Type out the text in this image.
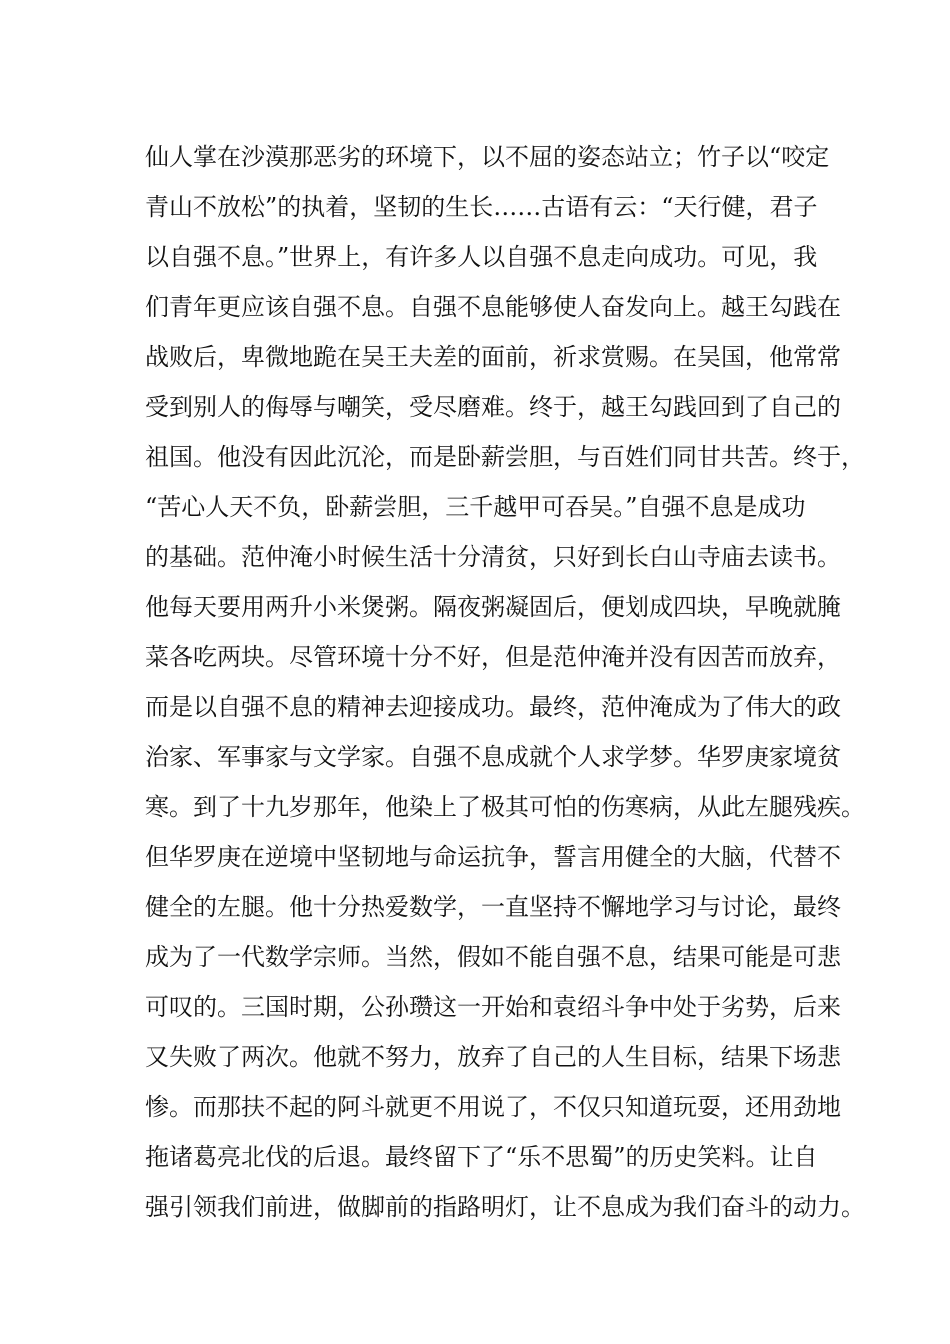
仙人掌在沙漠那恶劣的环境下，以不屈的姿态站立；竹子以“咬定
青山不放松”的执着，坚韧的生长……古语有云：“天行健，君子
以自强不息。”世界上，有许多人以自强不息走向成功。可见，我
们青年更应该自强不息。自强不息能够使人奋发向上。越王勾践在
战败后，卑微地跪在吴王夫差的面前，祈求赏赐。在吴国，他常常
受到别人的侮辱与嘲笑，受尽磨难。终于，越王勾践回到了自己的
祖国。他没有因此沉沦，而是卧薪尝胆，与百姓们同甘共苦。终于，
“苦心人天不负，卧薪尝胆，三千越甲可吞吴。”自强不息是成功
的基础。范仲淹小时候生活十分清贫，只好到长白山寺庙去读书。
他每天要用两升小米煲粥。隔夜粥凝固后，便划成四块，早晚就腌
菜各吃两块。尽管环境十分不好，但是范仲淹并没有因苦而放弃，
而是以自强不息的精神去迎接成功。最终，范仲淹成为了伟大的政
治家、军事家与文学家。自强不息成就个人求学梦。华罗庚家境贫
寒。到了十九岁那年，他染上了极其可怕的伤寒病，从此左腿残疾。
但华罗庚在逆境中坚韧地与命运抗争，誓言用健全的大脑，代替不
健全的左腿。他十分热爱数学，一直坚持不懈地学习与讨论，最终
成为了一代数学宗师。当然，假如不能自强不息，结果可能是可悲
可叹的。三国时期，公孙瓒这一开始和袁绍斗争中处于劣势，后来
又失败了两次。他就不努力，放弃了自己的人生目标，结果下场悲
惨。而那扶不起的阿斗就更不用说了，不仅只知道玩耍，还用劲地
拖诸葛亮北伐的后退。最终留下了“乐不思蜀”的历史笑料。让自
强引领我们前进，做脚前的指路明灯，让不息成为我们奋斗的动力。
